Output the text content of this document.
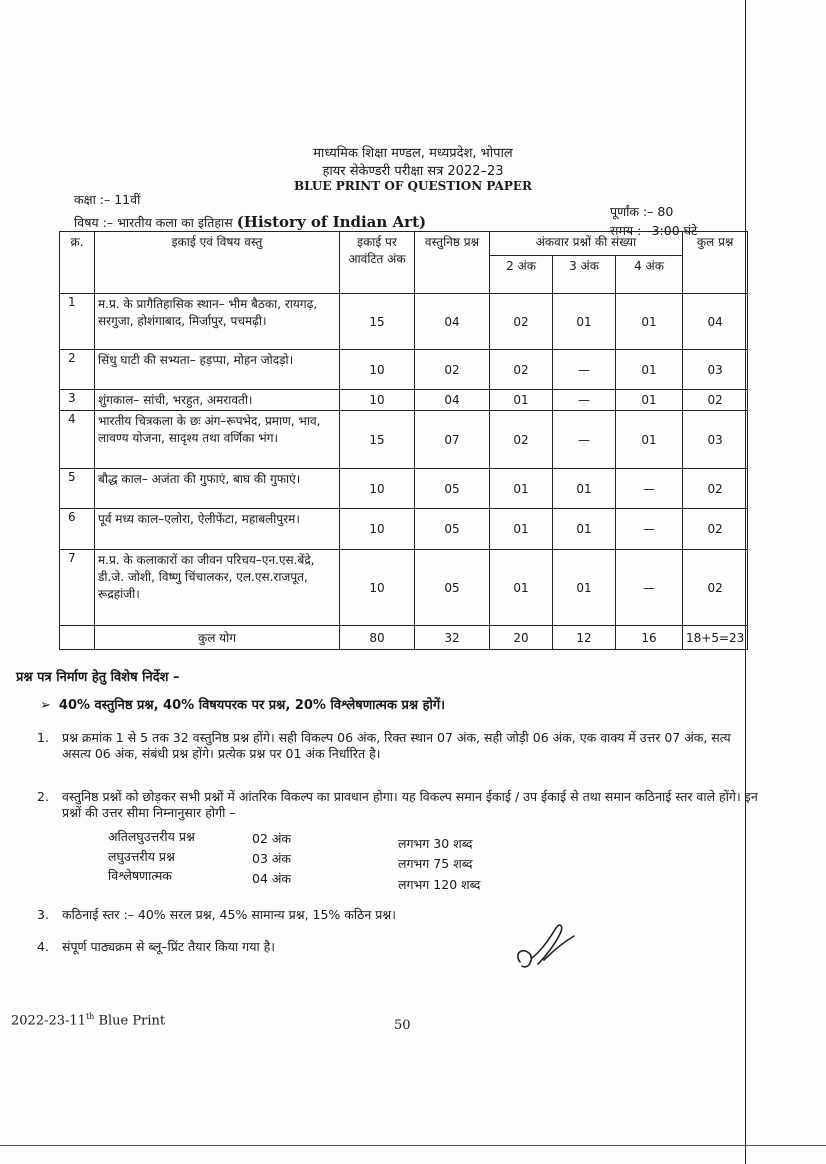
माध्यमिक शिक्षा मण्डल, मध्यप्रदेश, भोपाल
हायर सेकेण्डरी परीक्षा सत्र 2022–23
BLUE PRINT OF QUESTION PAPER
कक्षा :– 11वीं
पूर्णांक :– 80
विषय :– भारतीय कला का इतिहास (History of Indian Art)	समय :– 3:00 घंटे
क्र.	इकाई एवं विषय वस्तु	इकाई पर आवंटित अंक	वस्तुनिष्ठ प्रश्न	अंकवार प्रश्नों की संख्या			कुल प्रश्न
				2 अंक	3 अंक	4 अंक	
1	म.प्र. के प्रागैतिहासिक स्थान– भीम बैठका, रायगढ़, सरगुजा, होशंगाबाद, मिर्जापुर, पचमढ़ी।	15	04	02	01	01	04
2	सिंधु घाटी की सभ्यता– हड़प्पा, मोहन जोदड़ो।	10	02	02	—	01	03
3	शुंगकाल– सांची, भरहुत, अमरावती।	10	04	01	—	01	02
4	भारतीय चित्रकला के छः अंग–रूपभेद, प्रमाण, भाव, लावण्य योजना, सादृश्य तथा वर्णिका भंग।	15	07	02	—	01	03
5	बौद्ध काल– अजंता की गुफाएं, बाघ की गुफाएं।	10	05	01	01	—	02
6	पूर्व मध्य काल–एलोरा, ऐलीफेंटा, महाबलीपुरम।	10	05	01	01	—	02
7	म.प्र. के कलाकारों का जीवन परिचय–एन.एस.बेंद्रे, डी.जे. जोशी, विष्णु चिंचालकर, एल.एस.राजपूत, रूद्रहांजी।	10	05	01	01	—	02
	कुल योग	80	32	20	12	16	18+5=23
प्रश्न पत्र निर्माण हेतु विशेष निर्देश –
➢ 40% वस्तुनिष्ठ प्रश्न, 40% विषयपरक पर प्रश्न, 20% विश्लेषणात्मक प्रश्न होगें।
1. प्रश्न क्रमांक 1 से 5 तक 32 वस्तुनिष्ठ प्रश्न होंगे। सही विकल्प 06 अंक, रिक्त स्थान 07 अंक, सही जोड़ी 06 अंक, एक वाक्य में उत्तर 07 अंक, सत्य असत्य 06 अंक, संबंधी प्रश्न होंगे। प्रत्येक प्रश्न पर 01 अंक निर्धारित है।
2. वस्तुनिष्ठ प्रश्नों को छोड़कर सभी प्रश्नों में आंतरिक विकल्प का प्रावधान होगा। यह विकल्प समान ईकाई / उप ईकाई से तथा समान कठिनाई स्तर वाले होंगे। इन प्रश्नों की उत्तर सीमा निम्नानुसार होगी –
अतिलघुउत्तरीय प्रश्न	02 अंक	लगभग 30 शब्द
लघुउत्तरीय प्रश्न	03 अंक	लगभग 75 शब्द
विश्लेषणात्मक	04 अंक	लगभग 120 शब्द
3. कठिनाई स्तर :– 40% सरल प्रश्न, 45% सामान्य प्रश्न, 15% कठिन प्रश्न।
4. संपूर्ण पाठ्यक्रम से ब्लू–प्रिंट तैयार किया गया है।
2022-23-11th Blue Print	50
